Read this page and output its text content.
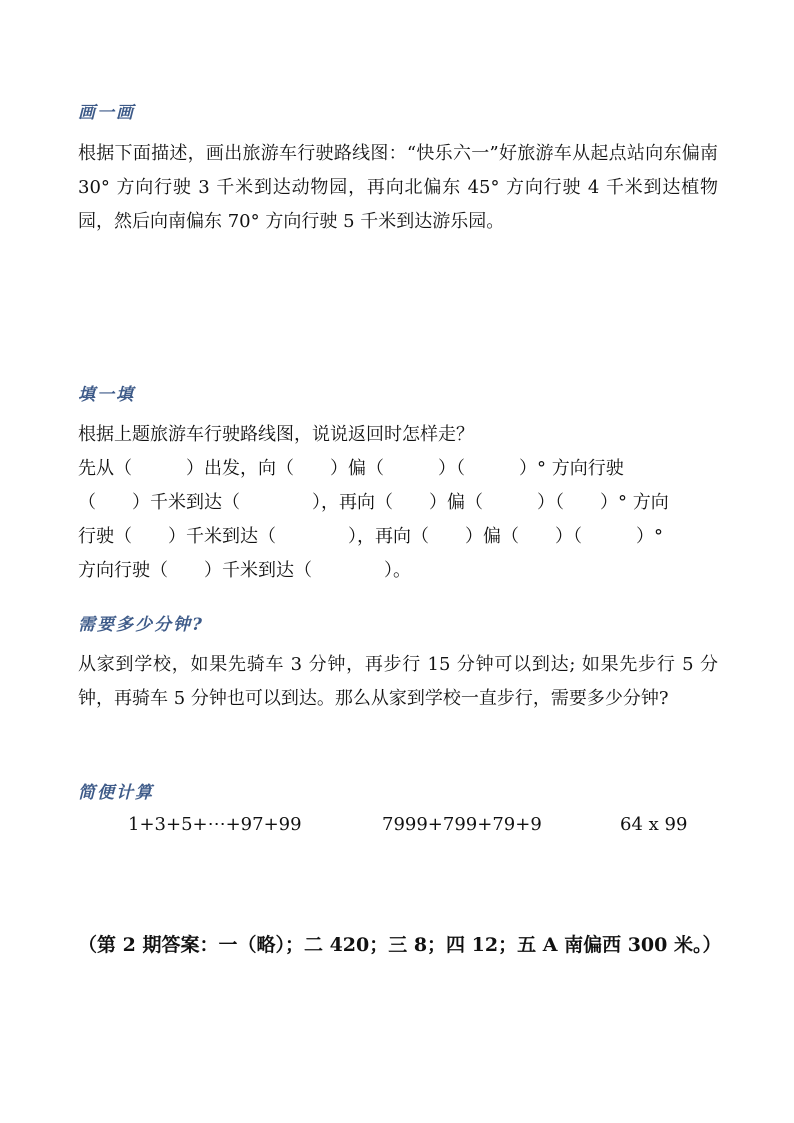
画一画
根据下面描述，画出旅游车行驶路线图：“快乐六一”好旅游车从起点站向东偏南 30° 方向行驶 3 千米到达动物园，再向北偏东 45° 方向行驶 4 千米到达植物园，然后向南偏东 70° 方向行驶 5 千米到达游乐园。
填一填

根据上题旅游车行驶路线图，说说返回时怎样走？

先从（　　　）出发，向（　　）偏（　　　）（　　　）° 方向行驶

（　　）千米到达（　　　　），再向（　　）偏（　　　）（　　）° 方向

行驶（　　）千米到达（　　　　），再向（　　）偏（　　）（　　　）°

方向行驶（　　）千米到达（　　　　）。

需要多少分钟?
从家到学校，如果先骑车 3 分钟，再步行 15 分钟可以到达; 如果先步行 5 分钟，再骑车 5 分钟也可以到达。那么从家到学校一直步行，需要多少分钟?
简便计算
1+3+5+⋯+97+99	7999+799+79+9	64 x 99
（第 2 期答案：一（略）；二 420；三 8；四 12；五 A 南偏西 300 米。）
